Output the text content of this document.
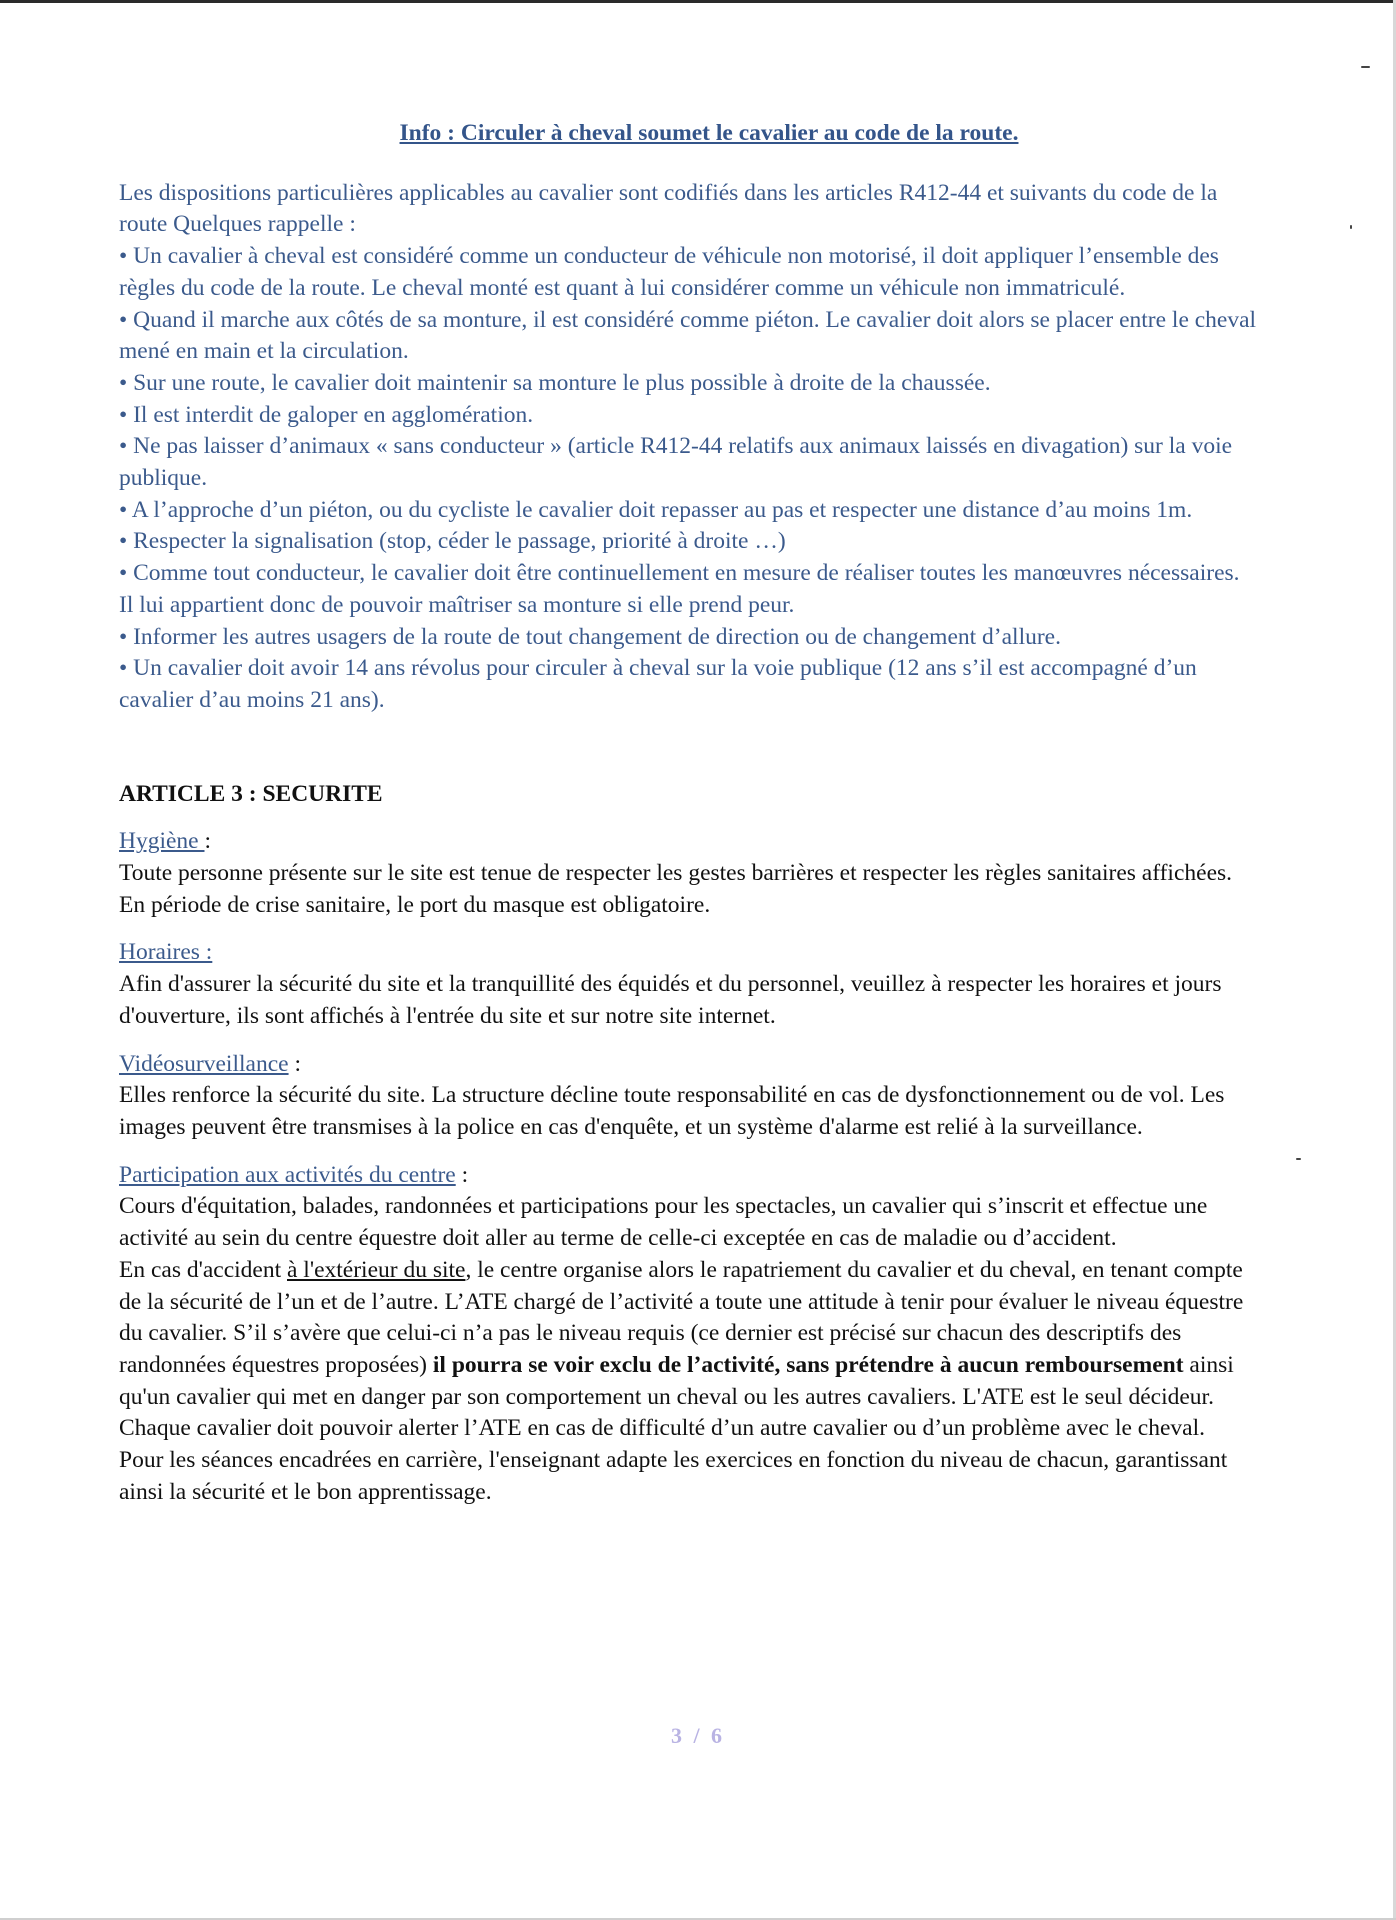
Info : Circuler à cheval soumet le cavalier au code de la route.

Les dispositions particulières applicables au cavalier sont codifiés dans les articles R412-44 et suivants du code de la route Quelques rappelle :

• Un cavalier à cheval est considéré comme un conducteur de véhicule non motorisé, il doit appliquer l’ensemble des règles du code de la route. Le cheval monté est quant à lui considérer comme un véhicule non immatriculé.

• Quand il marche aux côtés de sa monture, il est considéré comme piéton. Le cavalier doit alors se placer entre le cheval mené en main et la circulation.

• Sur une route, le cavalier doit maintenir sa monture le plus possible à droite de la chaussée.

• Il est interdit de galoper en agglomération.

• Ne pas laisser d’animaux « sans conducteur » (article R412-44 relatifs aux animaux laissés en divagation) sur la voie publique.

• A l’approche d’un piéton, ou du cycliste le cavalier doit repasser au pas et respecter une distance d’au moins 1m.

• Respecter la signalisation (stop, céder le passage, priorité à droite …)

• Comme tout conducteur, le cavalier doit être continuellement en mesure de réaliser toutes les manœuvres nécessaires. Il lui appartient donc de pouvoir maîtriser sa monture si elle prend peur.

• Informer les autres usagers de la route de tout changement de direction ou de changement d’allure.

• Un cavalier doit avoir 14 ans révolus pour circuler à cheval sur la voie publique (12 ans s’il est accompagné d’un cavalier d’au moins 21 ans).

ARTICLE 3 : SECURITE

Hygiène :

Toute personne présente sur le site est tenue de respecter les gestes barrières et respecter les règles sanitaires affichées. En période de crise sanitaire, le port du masque est obligatoire.

Horaires :

Afin d'assurer la sécurité du site et la tranquillité des équidés et du personnel, veuillez à respecter les horaires et jours d'ouverture, ils sont affichés à l'entrée du site et sur notre site internet.

Vidéosurveillance :

Elles renforce la sécurité du site. La structure décline toute responsabilité en cas de dysfonctionnement ou de vol. Les images peuvent être transmises à la police en cas d'enquête, et un système d'alarme est relié à la surveillance.

Participation aux activités du centre :

Cours d'équitation, balades, randonnées et participations pour les spectacles, un cavalier qui s’inscrit et effectue une activité au sein du centre équestre doit aller au terme de celle-ci exceptée en cas de maladie ou d’accident.

En cas d'accident à l'extérieur du site, le centre organise alors le rapatriement du cavalier et du cheval, en tenant compte de la sécurité de l’un et de l’autre. L’ATE chargé de l’activité a toute une attitude à tenir pour évaluer le niveau équestre du cavalier. S’il s’avère que celui-ci n’a pas le niveau requis (ce dernier est précisé sur chacun des descriptifs des randonnées équestres proposées) il pourra se voir exclu de l’activité, sans prétendre à aucun remboursement ainsi qu'un cavalier qui met en danger par son comportement un cheval ou les autres cavaliers. L'ATE est le seul décideur. Chaque cavalier doit pouvoir alerter l’ATE en cas de difficulté d’un autre cavalier ou d’un problème avec le cheval.

Pour les séances encadrées en carrière, l'enseignant adapte les exercices en fonction du niveau de chacun, garantissant ainsi la sécurité et le bon apprentissage.

3 / 6
